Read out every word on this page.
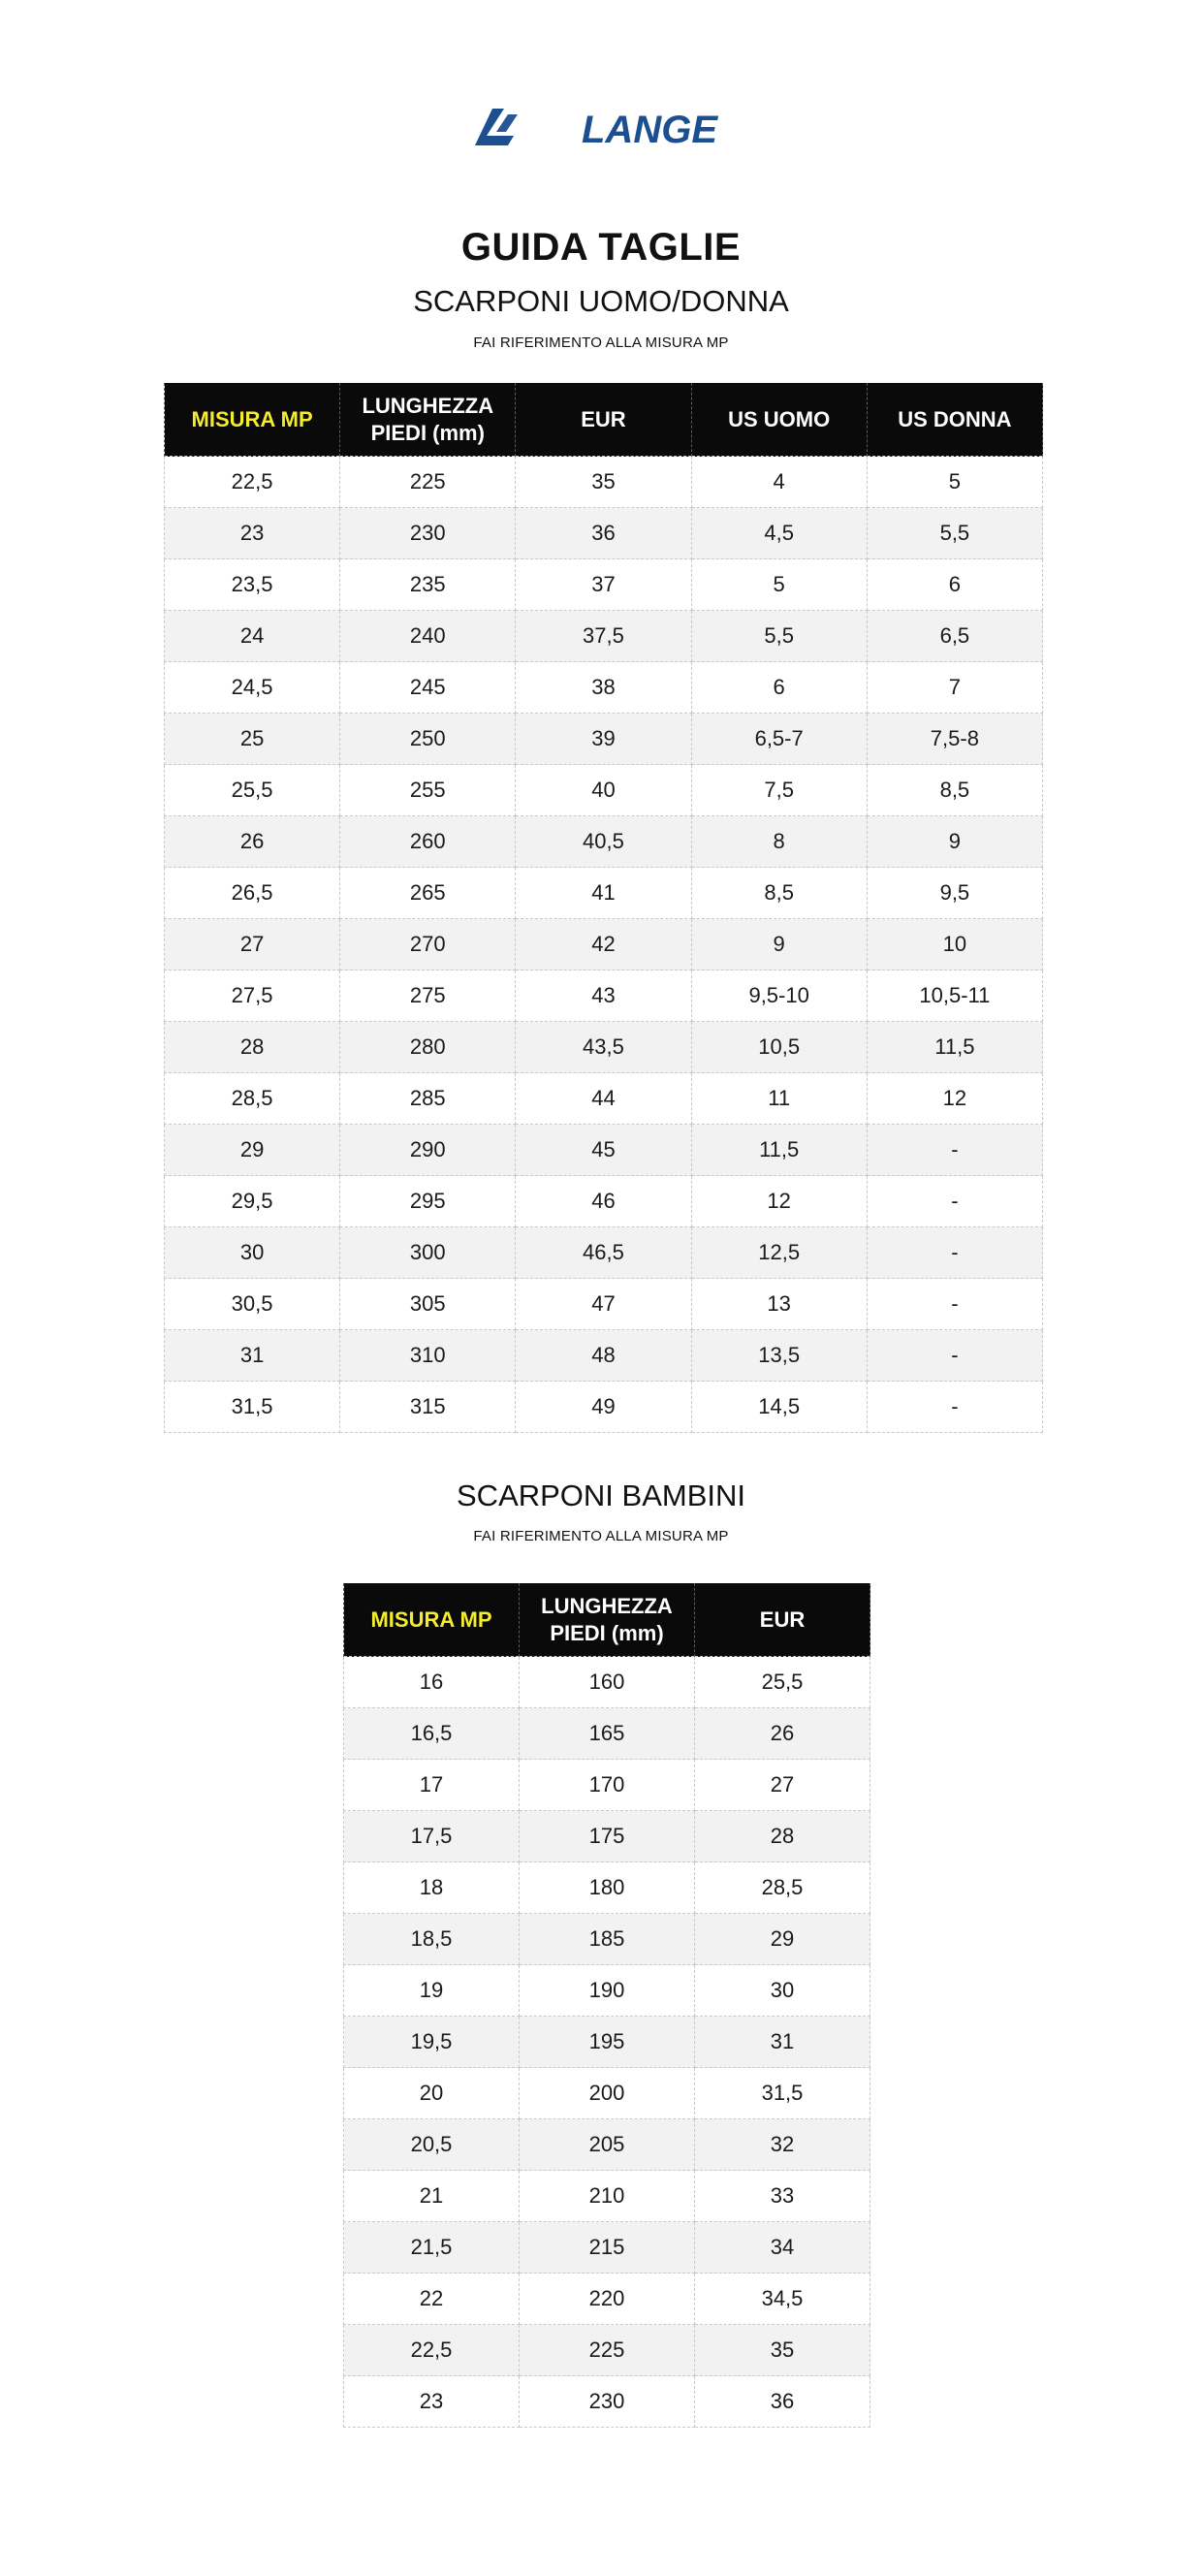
LANGE
GUIDA TAGLIE
SCARPONI UOMO/DONNA
FAI RIFERIMENTO ALLA MISURA MP
MISURA MP	LUNGHEZZA
PIEDI (mm)	EUR	US UOMO	US DONNA
22,5	225	35	4	5
23	230	36	4,5	5,5
23,5	235	37	5	6
24	240	37,5	5,5	6,5
24,5	245	38	6	7
25	250	39	6,5-7	7,5-8
25,5	255	40	7,5	8,5
26	260	40,5	8	9
26,5	265	41	8,5	9,5
27	270	42	9	10
27,5	275	43	9,5-10	10,5-11
28	280	43,5	10,5	11,5
28,5	285	44	11	12
29	290	45	11,5	-
29,5	295	46	12	-
30	300	46,5	12,5	-
30,5	305	47	13	-
31	310	48	13,5	-
31,5	315	49	14,5	-
SCARPONI BAMBINI
FAI RIFERIMENTO ALLA MISURA MP
MISURA MP	LUNGHEZZA
PIEDI (mm)	EUR
16	160	25,5
16,5	165	26
17	170	27
17,5	175	28
18	180	28,5
18,5	185	29
19	190	30
19,5	195	31
20	200	31,5
20,5	205	32
21	210	33
21,5	215	34
22	220	34,5
22,5	225	35
23	230	36
